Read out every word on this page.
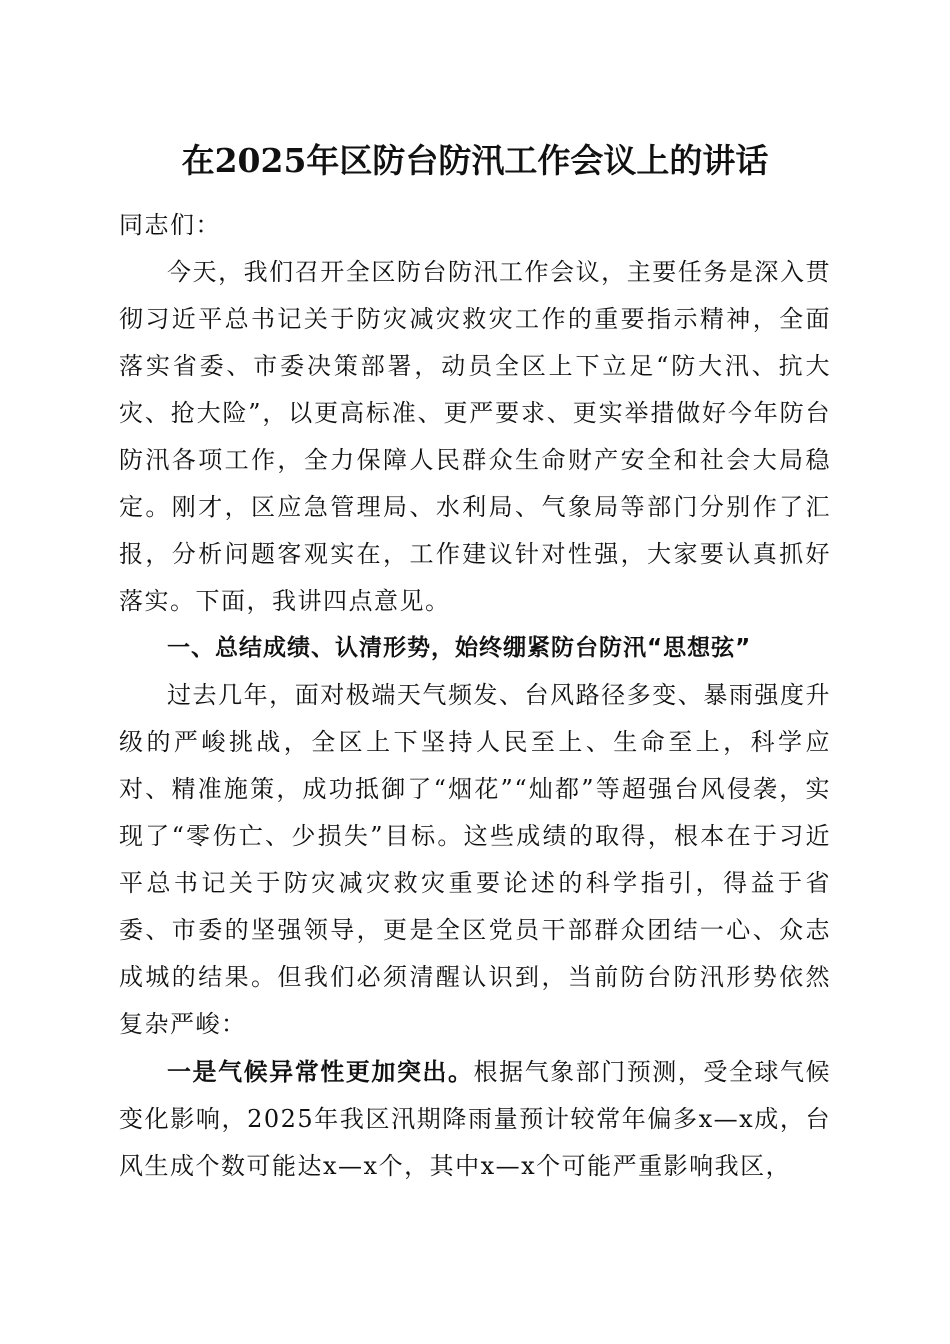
在2025年区防台防汛工作会议上的讲话

同志们：

今天，我们召开全区防台防汛工作会议，主要任务是深入贯彻习近平总书记关于防灾减灾救灾工作的重要指示精神，全面落实省委、市委决策部署，动员全区上下立足“防大汛、抗大灾、抢大险”，以更高标准、更严要求、更实举措做好今年防台防汛各项工作，全力保障人民群众生命财产安全和社会大局稳定。刚才，区应急管理局、水利局、气象局等部门分别作了汇报，分析问题客观实在，工作建议针对性强，大家要认真抓好落实。下面，我讲四点意见。

一、总结成绩、认清形势，始终绷紧防台防汛“思想弦”

过去几年，面对极端天气频发、台风路径多变、暴雨强度升级的严峻挑战，全区上下坚持人民至上、生命至上，科学应对、精准施策，成功抵御了“烟花”“灿都”等超强台风侵袭，实现了“零伤亡、少损失”目标。这些成绩的取得，根本在于习近平总书记关于防灾减灾救灾重要论述的科学指引，得益于省委、市委的坚强领导，更是全区党员干部群众团结一心、众志成城的结果。但我们必须清醒认识到，当前防台防汛形势依然复杂严峻：

一是气候异常性更加突出。根据气象部门预测，受全球气候变化影响，2025年我区汛期降雨量预计较常年偏多x—x成，台风生成个数可能达x—x个，其中x—x个可能严重影响我区，
